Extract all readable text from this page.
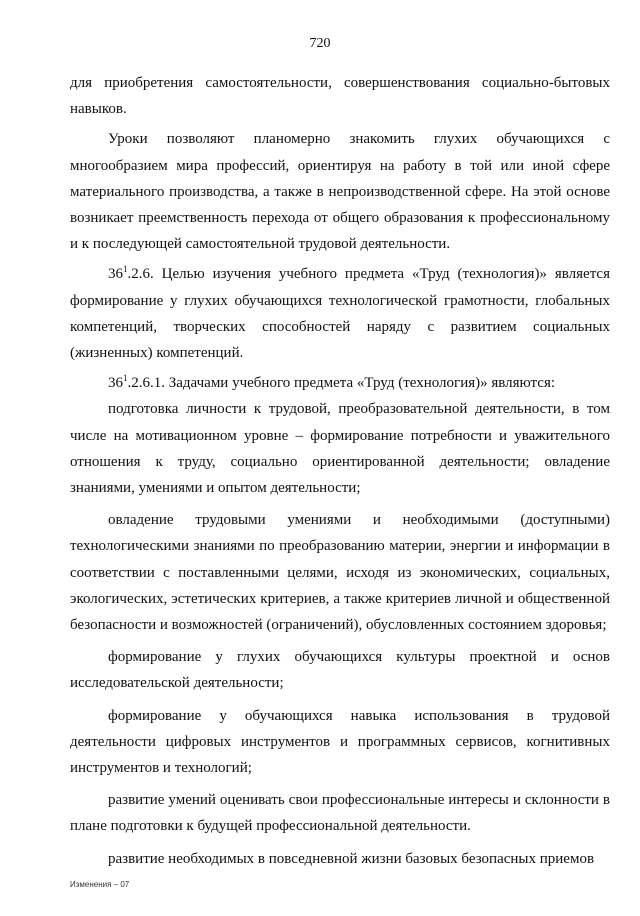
720

для приобретения самостоятельности, совершенствования социально-бытовых навыков.

Уроки позволяют планомерно знакомить глухих обучающихся с многообразием мира профессий, ориентируя на работу в той или иной сфере материального производства, а также в непроизводственной сфере. На этой основе возникает преемственность перехода от общего образования к профессиональному и к последующей самостоятельной трудовой деятельности.

$36^1.2.6$. Целью изучения учебного предмета «Труд (технология)» является формирование у глухих обучающихся технологической грамотности, глобальных компетенций, творческих способностей наряду с развитием социальных (жизненных) компетенций.

$36^1.2.6.1$. Задачами учебного предмета «Труд (технология)» являются:

подготовка личности к трудовой, преобразовательной деятельности, в том числе на мотивационном уровне – формирование потребности и уважительного отношения к труду, социально ориентированной деятельности; овладение знаниями, умениями и опытом деятельности;

овладение трудовыми умениями и необходимыми (доступными) технологическими знаниями по преобразованию материи, энергии и информации в соответствии с поставленными целями, исходя из экономических, социальных, экологических, эстетических критериев, а также критериев личной и общественной безопасности и возможностей (ограничений), обусловленных состоянием здоровья;

формирование у глухих обучающихся культуры проектной и основ исследовательской деятельности;

формирование у обучающихся навыка использования в трудовой деятельности цифровых инструментов и программных сервисов, когнитивных инструментов и технологий;

развитие умений оценивать свои профессиональные интересы и склонности в плане подготовки к будущей профессиональной деятельности.

развитие необходимых в повседневной жизни базовых безопасных приемов

Изменения – 07
